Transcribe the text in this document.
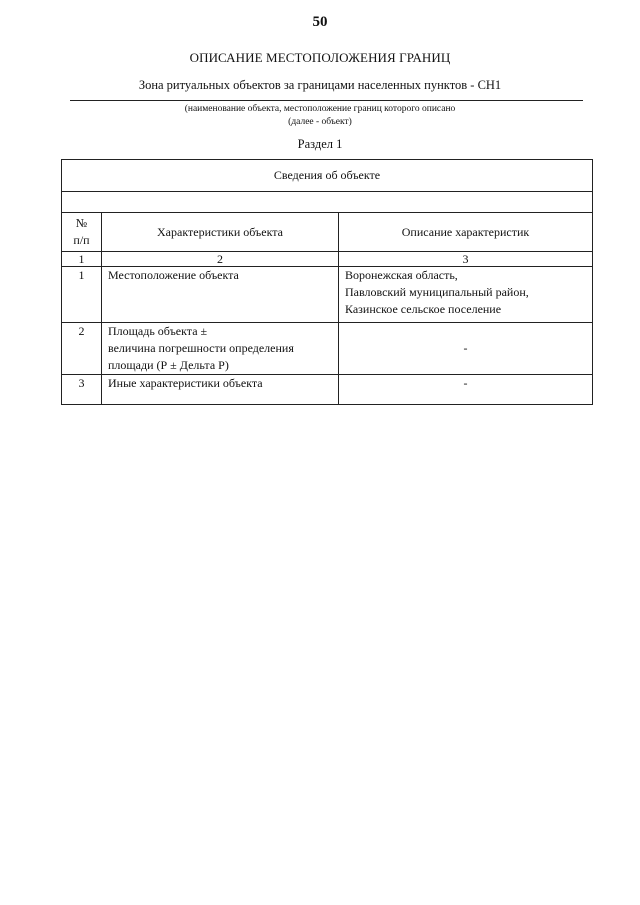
50
ОПИСАНИЕ МЕСТОПОЛОЖЕНИЯ ГРАНИЦ
Зона ритуальных объектов за границами населенных пунктов - СН1
(наименование объекта, местоположение границ которого описано
(далее - объект)
Раздел 1
Сведения об объекте		

№
п/п	Характеристики объекта	Описание характеристик
1	2	3
1	Местоположение объекта	Воронежская область,
Павловский муниципальный район,
Казинское сельское поселение

2	Площадь объекта ±
величина погрешности определения
площади (Р ± Дельта Р)	-
3	Иные характеристики объекта	-
